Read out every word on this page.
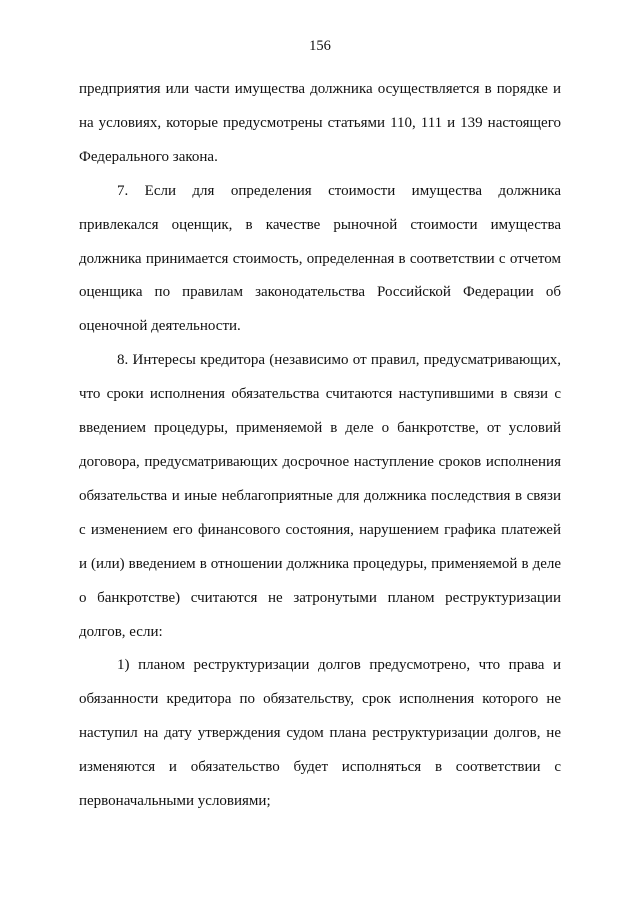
156

предприятия или части имущества должника осуществляется в порядке и на условиях, которые предусмотрены статьями 110, 111 и 139 настоящего Федерального закона.

7. Если для определения стоимости имущества должника привлекался оценщик, в качестве рыночной стоимости имущества должника принимается стоимость, определенная в соответствии с отчетом оценщика по правилам законодательства Российской Федерации об оценочной деятельности.

8. Интересы кредитора (независимо от правил, предусматривающих, что сроки исполнения обязательства считаются наступившими в связи с введением процедуры, применяемой в деле о банкротстве, от условий договора, предусматривающих досрочное наступление сроков исполнения обязательства и иные неблагоприятные для должника последствия в связи с изменением его финансового состояния, нарушением графика платежей и (или) введением в отношении должника процедуры, применяемой в деле о банкротстве) считаются не затронутыми планом реструктуризации долгов, если:

1) планом реструктуризации долгов предусмотрено, что права и обязанности кредитора по обязательству, срок исполнения которого не наступил на дату утверждения судом плана реструктуризации долгов, не изменяются и обязательство будет исполняться в соответствии с первоначальными условиями;
